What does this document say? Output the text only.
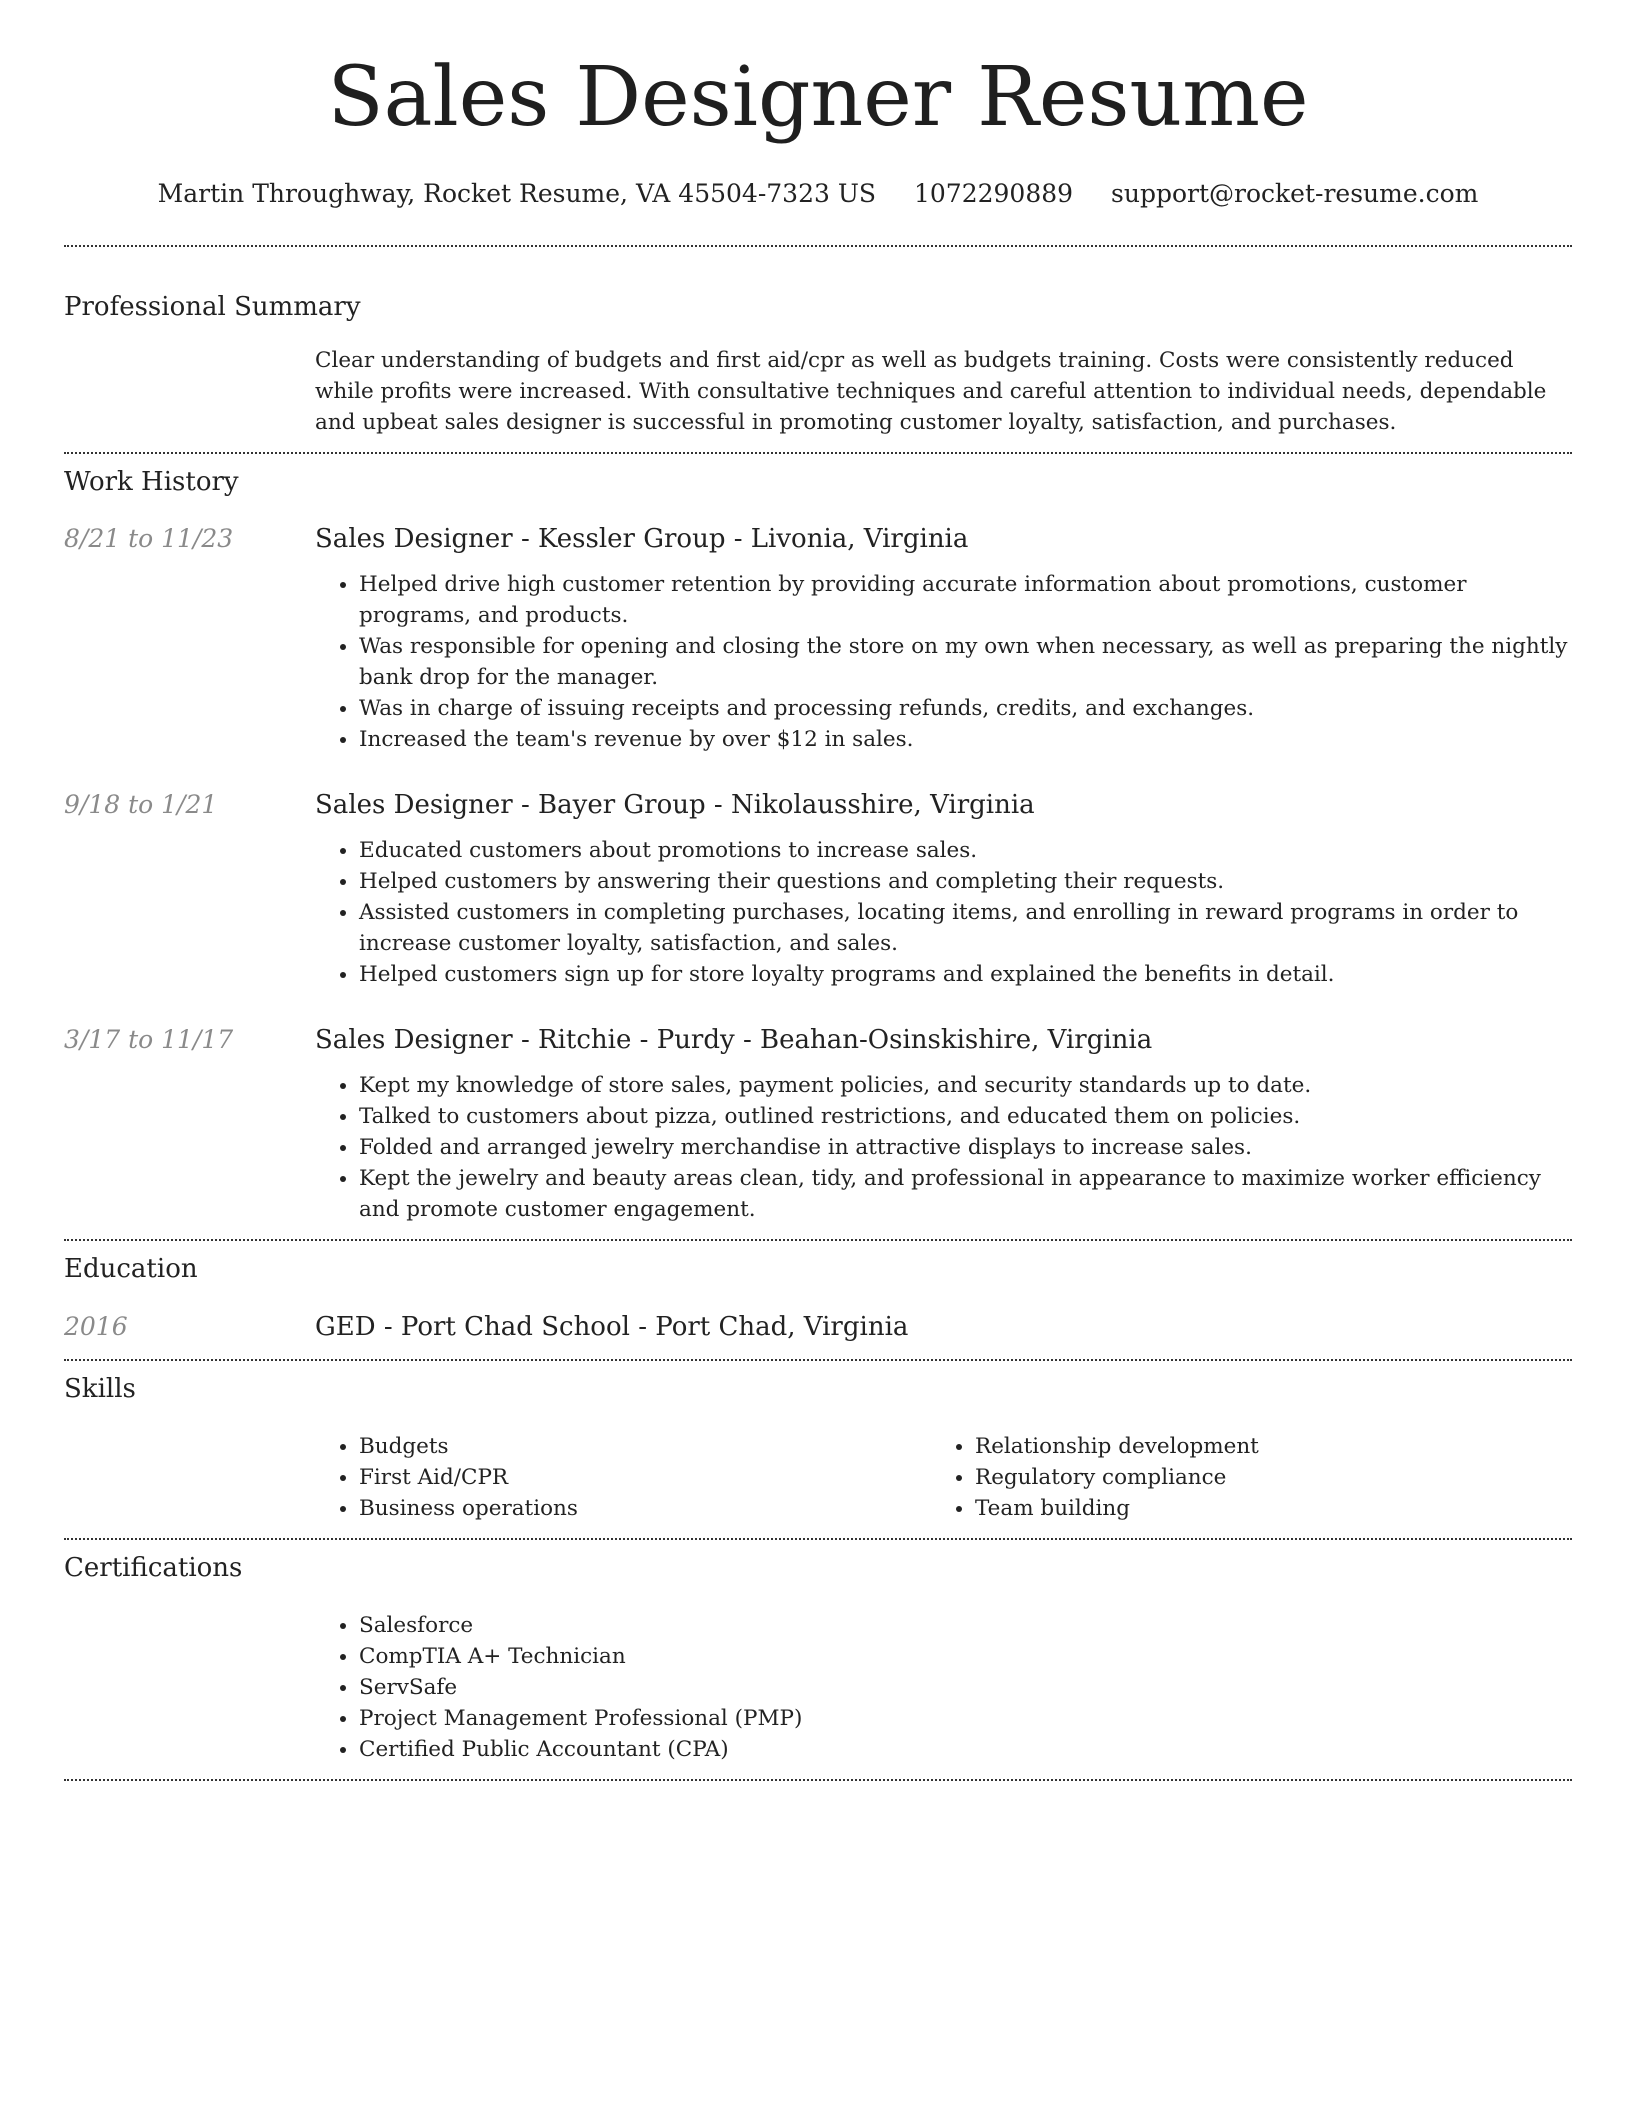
Sales Designer Resume
Martin Throughway, Rocket Resume, VA 45504-7323 US 1072290889 support@rocket-resume.com
Professional Summary

Clear understanding of budgets and first aid/cpr as well as budgets training. Costs were consistently reduced while profits were increased. With consultative techniques and careful attention to individual needs, dependable and upbeat sales designer is successful in promoting customer loyalty, satisfaction, and purchases.

Work History
8/21 to 11/23	Sales Designer - Kessler Group - Livonia, Virginia
• Helped drive high customer retention by providing accurate information about promotions, customer programs, and products.
• Was responsible for opening and closing the store on my own when necessary, as well as preparing the nightly bank drop for the manager.
• Was in charge of issuing receipts and processing refunds, credits, and exchanges.
• Increased the team's revenue by over $12 in sales.
9/18 to 1/21	Sales Designer - Bayer Group - Nikolausshire, Virginia
• Educated customers about promotions to increase sales.
• Helped customers by answering their questions and completing their requests.
• Assisted customers in completing purchases, locating items, and enrolling in reward programs in order to increase customer loyalty, satisfaction, and sales.
• Helped customers sign up for store loyalty programs and explained the benefits in detail.
3/17 to 11/17	Sales Designer - Ritchie - Purdy - Beahan-Osinskishire, Virginia
• Kept my knowledge of store sales, payment policies, and security standards up to date.
• Talked to customers about pizza, outlined restrictions, and educated them on policies.
• Folded and arranged jewelry merchandise in attractive displays to increase sales.
• Kept the jewelry and beauty areas clean, tidy, and professional in appearance to maximize worker efficiency and promote customer engagement.
Education
2016	GED - Port Chad School - Port Chad, Virginia
Skills
• Budgets
• First Aid/CPR
• Business operations
• Relationship development
• Regulatory compliance
• Team building
Certifications
• Salesforce
• CompTIA A+ Technician
• ServSafe
• Project Management Professional (PMP)
• Certified Public Accountant (CPA)
